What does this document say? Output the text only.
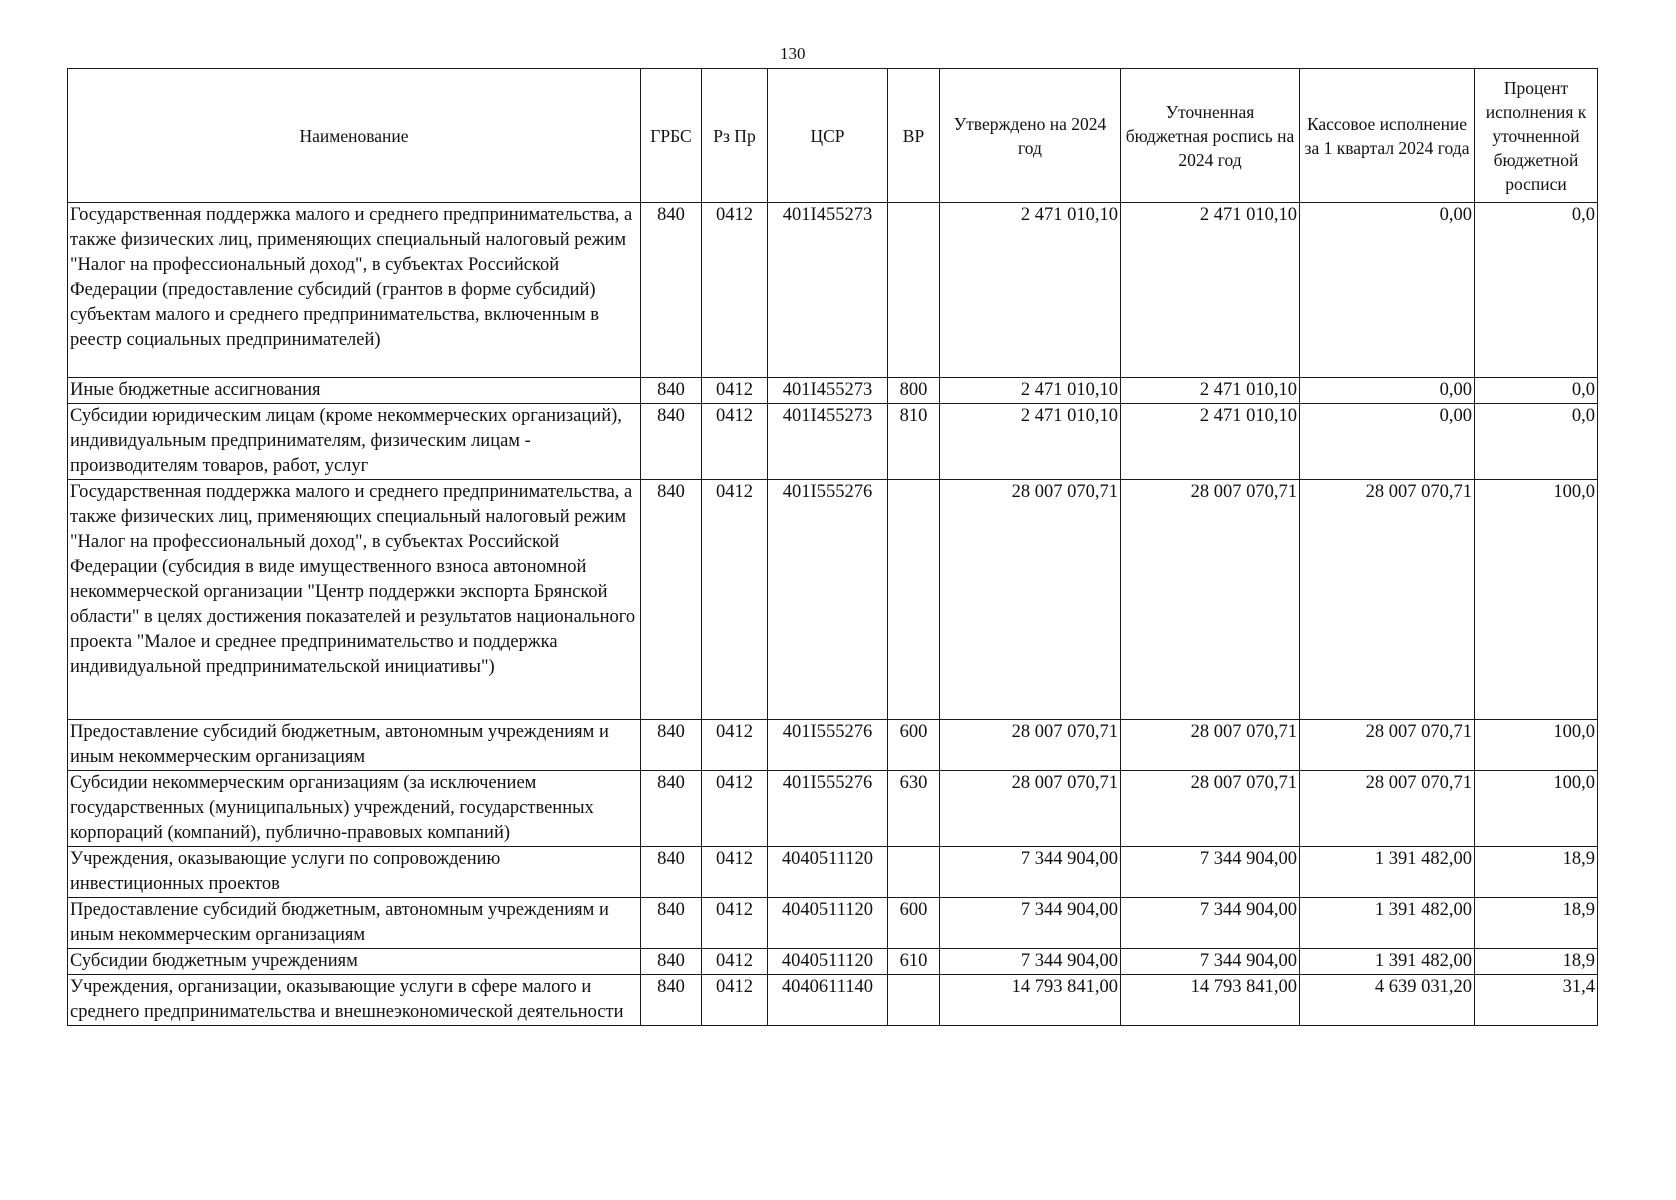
130
Наименование	ГРБС	Рз Пр	ЦСР	ВР	Утверждено на 2024 год	Уточненная бюджетная роспись на 2024 год	Кассовое исполнение за 1 квартал 2024 года	Процент исполнения к уточненной бюджетной росписи
Государственная поддержка малого и среднего предпринимательства, а также физических лиц, применяющих специальный налоговый режим "Налог на профессиональный доход", в субъектах Российской Федерации (предоставление субсидий (грантов в форме субсидий) субъектам малого и среднего предпринимательства, включенным в реестр социальных предпринимателей)	840	0412	401I455273		2 471 010,10	2 471 010,10	0,00	0,0
Иные бюджетные ассигнования	840	0412	401I455273	800	2 471 010,10	2 471 010,10	0,00	0,0
Субсидии юридическим лицам (кроме некоммерческих организаций), индивидуальным предпринимателям, физическим лицам - производителям товаров, работ, услуг	840	0412	401I455273	810	2 471 010,10	2 471 010,10	0,00	0,0
Государственная поддержка малого и среднего предпринимательства, а также физических лиц, применяющих специальный налоговый режим "Налог на профессиональный доход", в субъектах Российской Федерации (субсидия в виде имущественного взноса автономной некоммерческой организации "Центр поддержки экспорта Брянской области" в целях достижения показателей и результатов национального проекта "Малое и среднее предпринимательство и поддержка индивидуальной предпринимательской инициативы")	840	0412	401I555276		28 007 070,71	28 007 070,71	28 007 070,71	100,0
Предоставление субсидий бюджетным, автономным учреждениям и иным некоммерческим организациям	840	0412	401I555276	600	28 007 070,71	28 007 070,71	28 007 070,71	100,0
Субсидии некоммерческим организациям (за исключением государственных (муниципальных) учреждений, государственных корпораций (компаний), публично-правовых компаний)	840	0412	401I555276	630	28 007 070,71	28 007 070,71	28 007 070,71	100,0
Учреждения, оказывающие услуги по сопровождению инвестиционных проектов	840	0412	4040511120		7 344 904,00	7 344 904,00	1 391 482,00	18,9
Предоставление субсидий бюджетным, автономным учреждениям и иным некоммерческим организациям	840	0412	4040511120	600	7 344 904,00	7 344 904,00	1 391 482,00	18,9
Субсидии бюджетным учреждениям	840	0412	4040511120	610	7 344 904,00	7 344 904,00	1 391 482,00	18,9
Учреждения, организации, оказывающие услуги в сфере малого и среднего предпринимательства и внешнеэкономической деятельности	840	0412	4040611140		14 793 841,00	14 793 841,00	4 639 031,20	31,4
